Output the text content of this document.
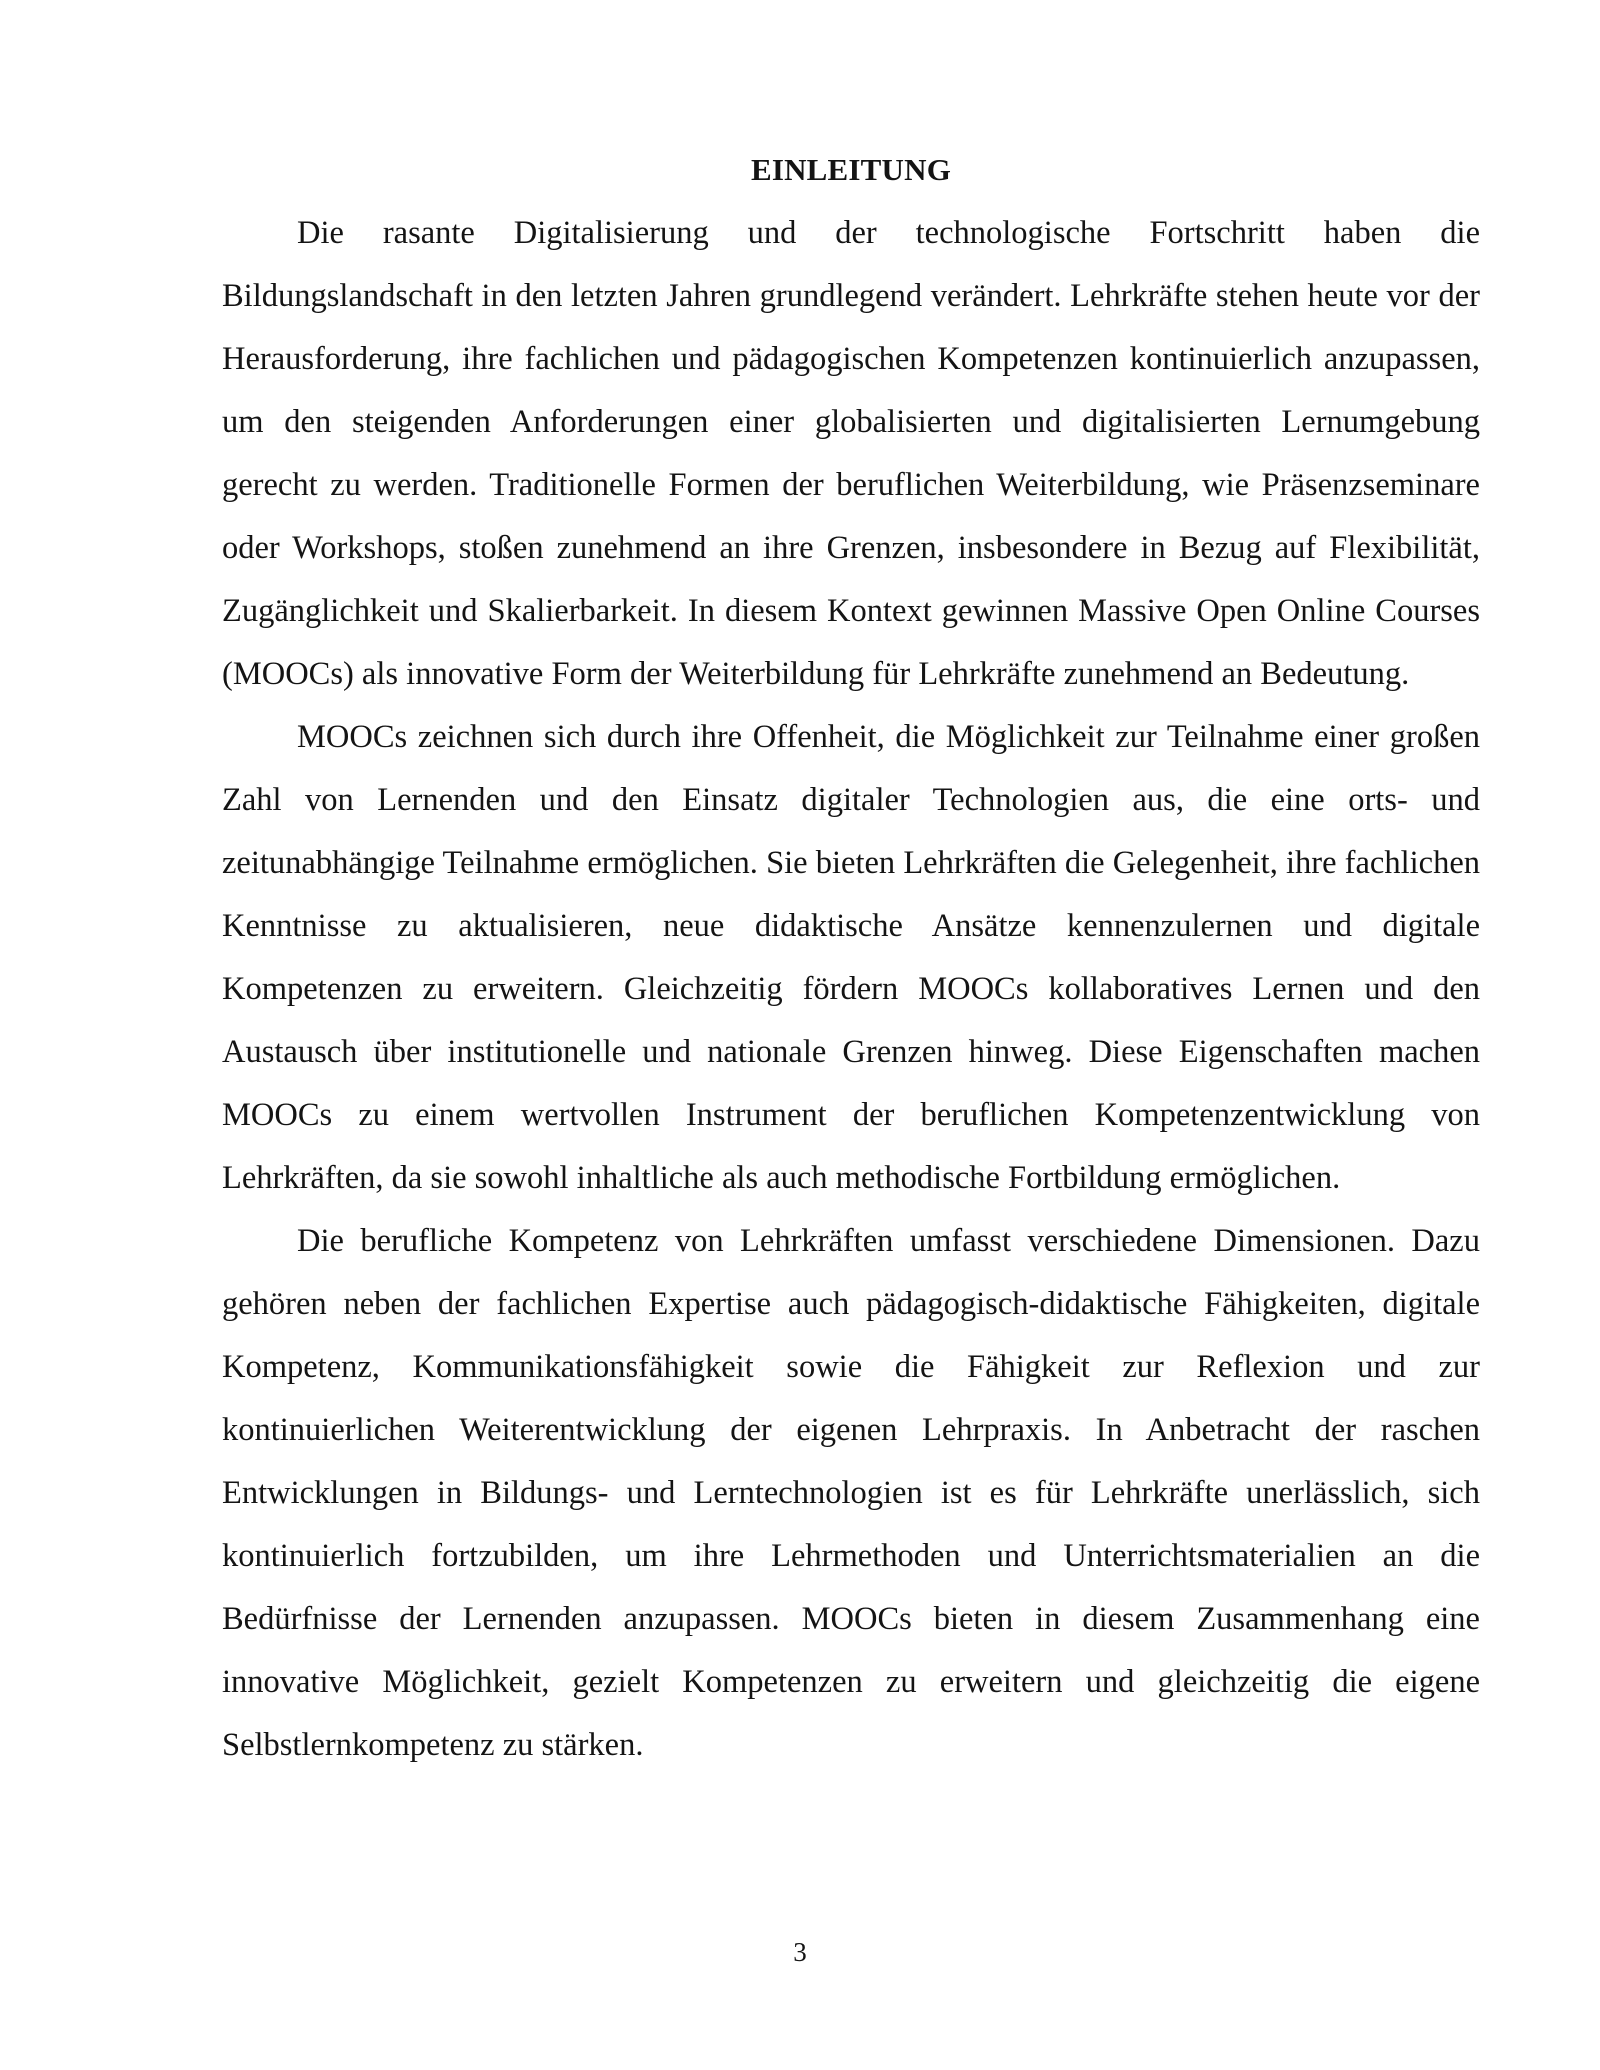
EINLEITUNG

Die rasante Digitalisierung und der technologische Fortschritt haben die Bildungslandschaft in den letzten Jahren grundlegend verändert. Lehrkräfte stehen heute vor der Herausforderung, ihre fachlichen und pädagogischen Kompetenzen kontinuierlich anzupassen, um den steigenden Anforderungen einer globalisierten und digitalisierten Lernumgebung gerecht zu werden. Traditionelle Formen der beruflichen Weiterbildung, wie Präsenzseminare oder Workshops, stoßen zunehmend an ihre Grenzen, insbesondere in Bezug auf Flexibilität, Zugänglichkeit und Skalierbarkeit. In diesem Kontext gewinnen Massive Open Online Courses (MOOCs) als innovative Form der Weiterbildung für Lehrkräfte zunehmend an Bedeutung.

MOOCs zeichnen sich durch ihre Offenheit, die Möglichkeit zur Teilnahme einer großen Zahl von Lernenden und den Einsatz digitaler Technologien aus, die eine orts- und zeitunabhängige Teilnahme ermöglichen. Sie bieten Lehrkräften die Gelegenheit, ihre fachlichen Kenntnisse zu aktualisieren, neue didaktische Ansätze kennenzulernen und digitale Kompetenzen zu erweitern. Gleichzeitig fördern MOOCs kollaboratives Lernen und den Austausch über institutionelle und nationale Grenzen hinweg. Diese Eigenschaften machen MOOCs zu einem wertvollen Instrument der beruflichen Kompetenzentwicklung von Lehrkräften, da sie sowohl inhaltliche als auch methodische Fortbildung ermöglichen.

Die berufliche Kompetenz von Lehrkräften umfasst verschiedene Dimensionen. Dazu gehören neben der fachlichen Expertise auch pädagogisch-didaktische Fähigkeiten, digitale Kompetenz, Kommunikationsfähigkeit sowie die Fähigkeit zur Reflexion und zur kontinuierlichen Weiterentwicklung der eigenen Lehrpraxis. In Anbetracht der raschen Entwicklungen in Bildungs- und Lerntechnologien ist es für Lehrkräfte unerlässlich, sich kontinuierlich fortzubilden, um ihre Lehrmethoden und Unterrichtsmaterialien an die Bedürfnisse der Lernenden anzupassen. MOOCs bieten in diesem Zusammenhang eine innovative Möglichkeit, gezielt Kompetenzen zu erweitern und gleichzeitig die eigene Selbstlernkompetenz zu stärken.

3
